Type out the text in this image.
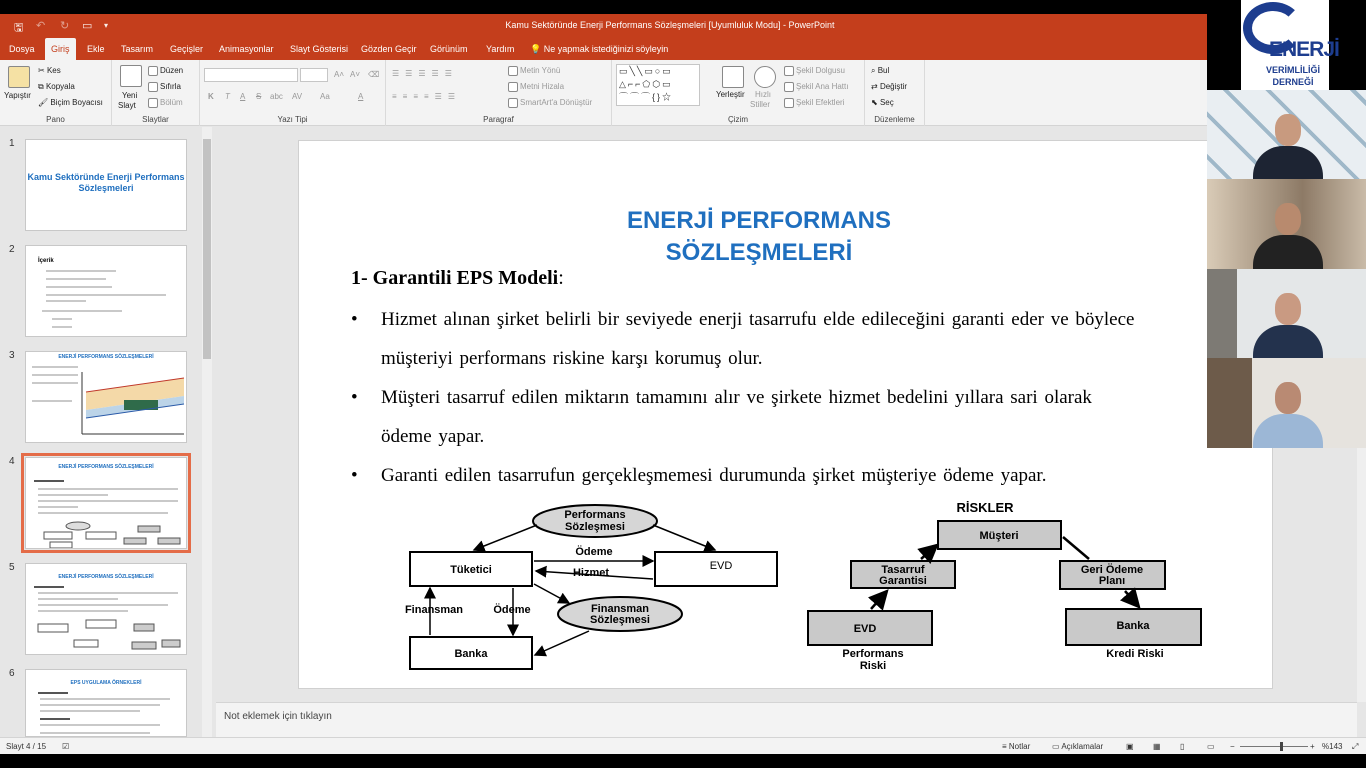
🖫 ↶ ↻ ▭ ▾	Kamu Sektöründe Enerji Performans Sözleşmeleri [Uyumluluk Modu] - PowerPoint
Dosya	Giriş	Ekle	Tasarım	Geçişler	Animasyonlar	Slayt Gösterisi	Gözden Geçir	Görünüm	Yardım	💡 Ne yapmak istediğinizi söyleyin
Yapıştır
✂ Kes
⧉ Kopyala
🖌 Biçim Boyacısı
Pano
Yeni
Slayt
Düzen
Sıfırla
Bölüm
Slaytlar
A˄ A˅ ⌫
K T A S abc AV Aa	A
Yazı Tipi
☰☰☰☰☰
≡≡≡≡☰☰
Metin Yönü
Metni Hizala
SmartArt'a Dönüştür
Paragraf
Yerleştir Hızlı
Stiller
Şekil Dolgusu
Şekil Ana Hattı
Şekil Efektleri
Çizim
⌕ Bul
⇄ Değiştir
⬉ Seç
Düzenleme
▭╲╲▭○▭
△⌐⌐⬠⬡▭
⌒⌒⌒{}☆
1
Kamu Sektöründe Enerji Performans Sözleşmeleri
2
İçerik
3	ENERJİ PERFORMANS SÖZLEŞMELERİ
4	ENERJİ PERFORMANS SÖZLEŞMELERİ
5
ENERJİ PERFORMANS SÖZLEŞMELERİ
6
EPS UYGULAMA ÖRNEKLERİ
ENERJİ PERFORMANS
SÖZLEŞMELERİ
1- Garantili EPS Modeli:
• Hizmet alınan şirket belirli bir seviyede enerji tasarrufu elde edileceğini garanti eder ve böylece
müşteriyi performans riskine karşı korumuş olur.
• Müşteri tasarruf edilen miktarın tamamını alır ve şirkete hizmet bedelini yıllara sari olarak
ödeme yapar.
• Garanti edilen tasarrufun gerçekleşmemesi durumunda şirket müşteriye ödeme yapar.
Performans
Sözleşmesi
Tüketici	EVD
Ödeme
Hizmet
Finansman	Ödeme	Finansman
Sözleşmesi
Banka
RİSKLER
Müşteri
Tasarruf
Garantisi
Geri Ödeme
Planı
EVD	Banka
Performans
Riski
Kredi Riski
Not eklemek için tıklayın
Slayt 4 / 15 ☑	≡ Notlar	▭ Açıklamalar	▣ ▦ ▯	▭ −	+ %143 ⤢
ENERJİ
VERİMLİLİĞİ
DERNEĞİ
